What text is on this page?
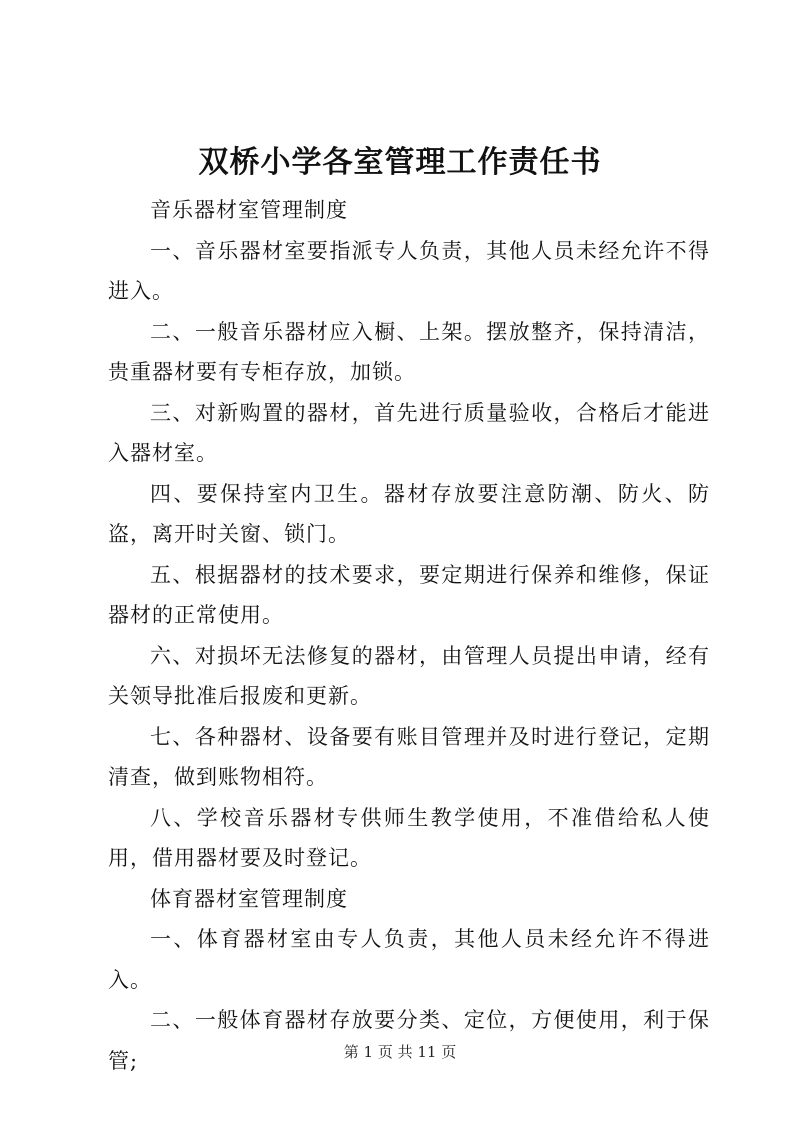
双桥小学各室管理工作责任书

音乐器材室管理制度

一、音乐器材室要指派专人负责，其他人员未经允许不得进入。

二、一般音乐器材应入橱、上架。摆放整齐，保持清洁，贵重器材要有专柜存放，加锁。

三、对新购置的器材，首先进行质量验收，合格后才能进入器材室。

四、要保持室内卫生。器材存放要注意防潮、防火、防盗，离开时关窗、锁门。

五、根据器材的技术要求，要定期进行保养和维修，保证器材的正常使用。

六、对损坏无法修复的器材，由管理人员提出申请，经有关领导批准后报废和更新。

七、各种器材、设备要有账目管理并及时进行登记，定期清查，做到账物相符。

八、学校音乐器材专供师生教学使用，不准借给私人使用，借用器材要及时登记。

体育器材室管理制度

一、体育器材室由专人负责，其他人员未经允许不得进入。

二、一般体育器材存放要分类、定位，方便使用，利于保管;	第 1 页 共 11 页
